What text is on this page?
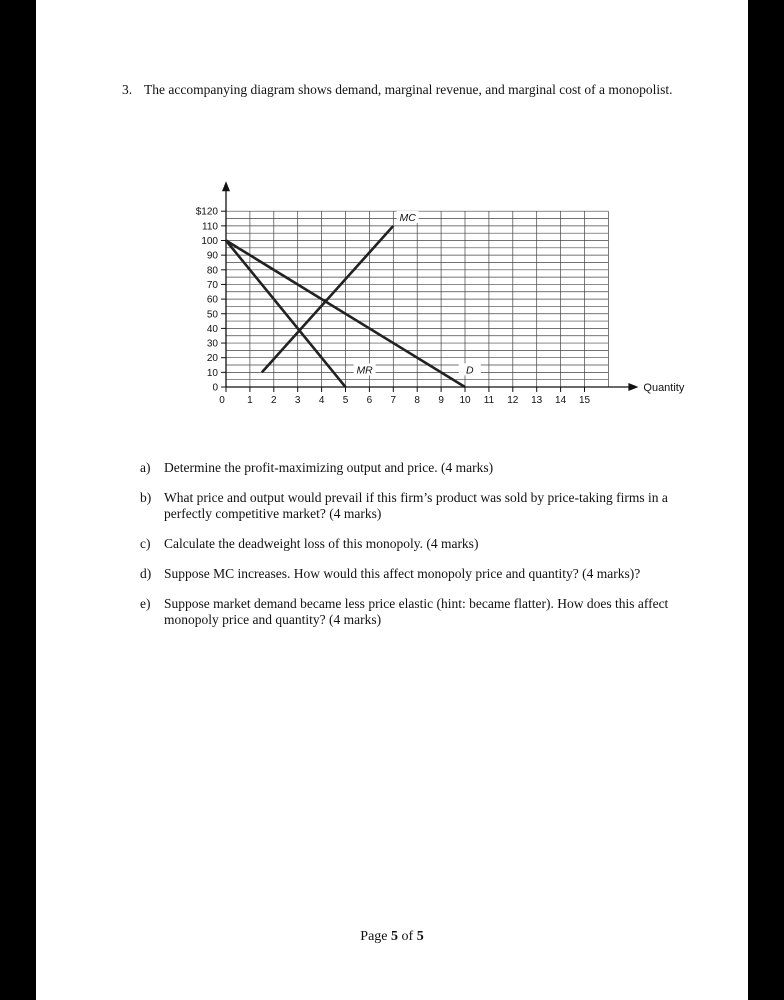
3. The accompanying diagram shows demand, marginal revenue, and marginal cost of a monopolist.
0
10
20
30
40
50
60
70
80
90
100
110
$120
0 1 2 3 4 5 6 7 8 9 10 11 12 13 14 15
MC
MR	D
Quantity
a)	Determine the profit-maximizing output and price. (4 marks)
b) What price and output would prevail if this firm’s product was sold by price-taking firms in a perfectly competitive market? (4 marks)
c)	Calculate the deadweight loss of this monopoly. (4 marks)
d) Suppose MC increases. How would this affect monopoly price and quantity? (4 marks)?
e)	Suppose market demand became less price elastic (hint: became flatter). How does this affect monopoly price and quantity? (4 marks)
Page 5 of 5
